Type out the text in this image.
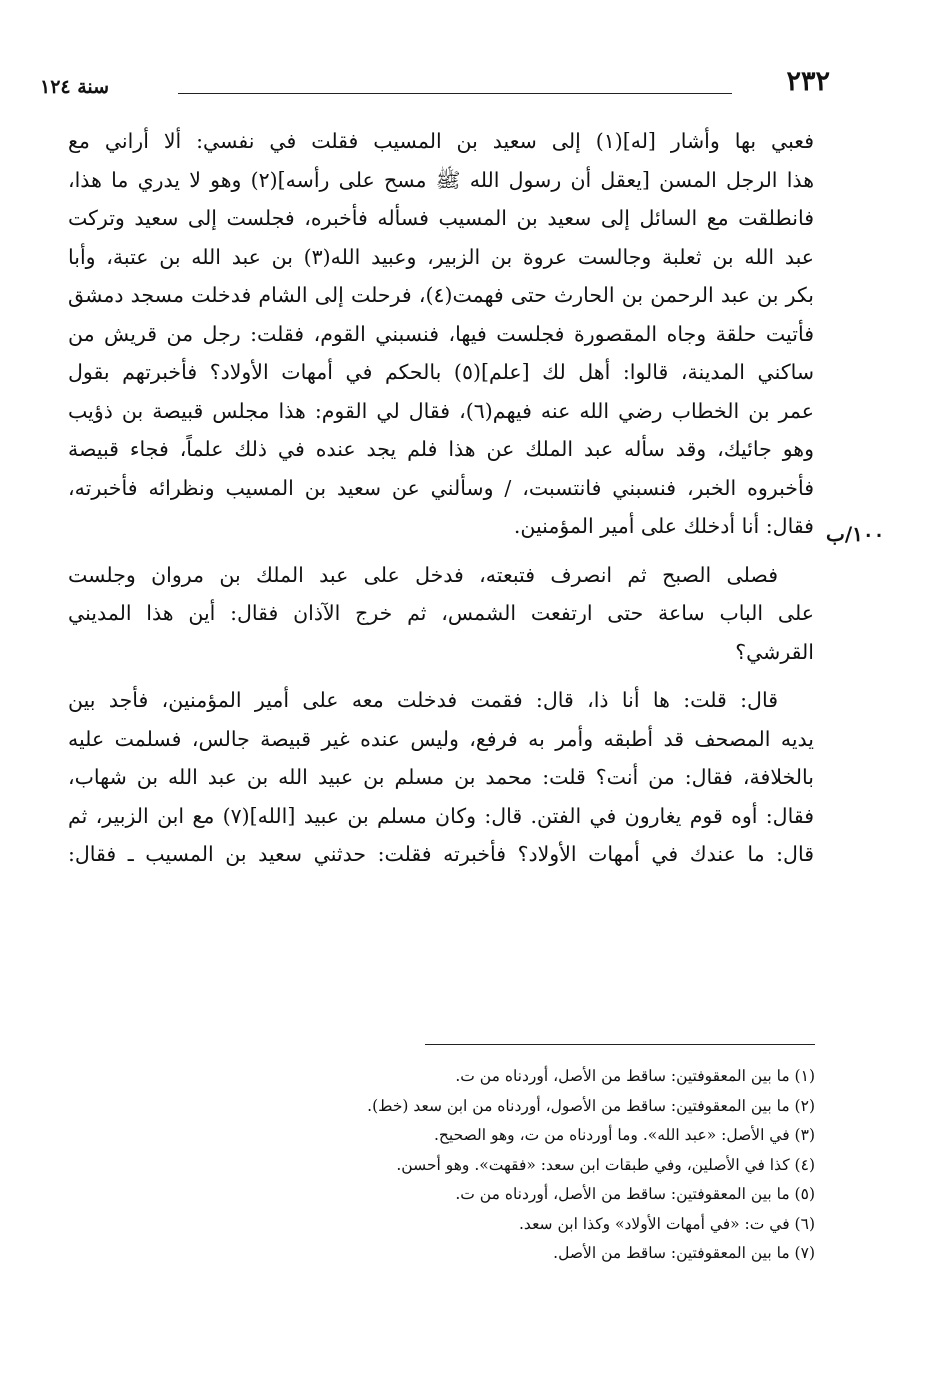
٢٣٢
سنة ١٢٤
١٠٠/ب
فعبي بها وأشار [له](١) إلى سعيد بن المسيب فقلت في نفسي: ألا أراني مع
هذا الرجل المسن [يعقل أن رسول الله ﷺ مسح على رأسه](٢) وهو لا يدري ما هذا،
فانطلقت مع السائل إلى سعيد بن المسيب فسأله فأخبره، فجلست إلى سعيد وتركت
عبد الله بن ثعلبة وجالست عروة بن الزبير، وعبيد الله(٣) بن عبد الله بن عتبة، وأبا
بكر بن عبد الرحمن بن الحارث حتى فهمت(٤)، فرحلت إلى الشام فدخلت مسجد دمشق
فأتيت حلقة وجاه المقصورة فجلست فيها، فنسبني القوم، فقلت: رجل من قريش من
ساكني المدينة، قالوا: أهل لك [علم](٥) بالحكم في أمهات الأولاد؟ فأخبرتهم بقول
عمر بن الخطاب رضي الله عنه فيهم(٦)، فقال لي القوم: هذا مجلس قبيصة بن ذؤيب
وهو جائيك، وقد سأله عبد الملك عن هذا فلم يجد عنده في ذلك علماً، فجاء قبيصة
فأخبروه الخبر، فنسبني فانتسبت، / وسألني عن سعيد بن المسيب ونظرائه فأخبرته،
فقال: أنا أدخلك على أمير المؤمنين.
فصلى الصبح ثم انصرف فتبعته، فدخل على عبد الملك بن مروان وجلست
على الباب ساعة حتى ارتفعت الشمس، ثم خرج الآذان فقال: أين هذا المديني
القرشي؟
قال: قلت: ها أنا ذا، قال: فقمت فدخلت معه على أمير المؤمنين، فأجد بين
يديه المصحف قد أطبقه وأمر به فرفع، وليس عنده غير قبيصة جالس، فسلمت عليه
بالخلافة، فقال: من أنت؟ قلت: محمد بن مسلم بن عبيد الله بن عبد الله بن شهاب،
فقال: أوه قوم يغارون في الفتن. قال: وكان مسلم بن عبيد [الله](٧) مع ابن الزبير، ثم
قال: ما عندك في أمهات الأولاد؟ فأخبرته فقلت: حدثني سعيد بن المسيب ـ فقال:
(١) ما بين المعقوفتين: ساقط من الأصل، أوردناه من ت.
(٢) ما بين المعقوفتين: ساقط من الأصول، أوردناه من ابن سعد (خط).
(٣) في الأصل: «عبد الله». وما أوردناه من ت، وهو الصحيح.
(٤) كذا في الأصلين، وفي طبقات ابن سعد: «فقهت». وهو أحسن.
(٥) ما بين المعقوفتين: ساقط من الأصل، أوردناه من ت.
(٦) في ت: «في أمهات الأولاد» وكذا ابن سعد.
(٧) ما بين المعقوفتين: ساقط من الأصل.
